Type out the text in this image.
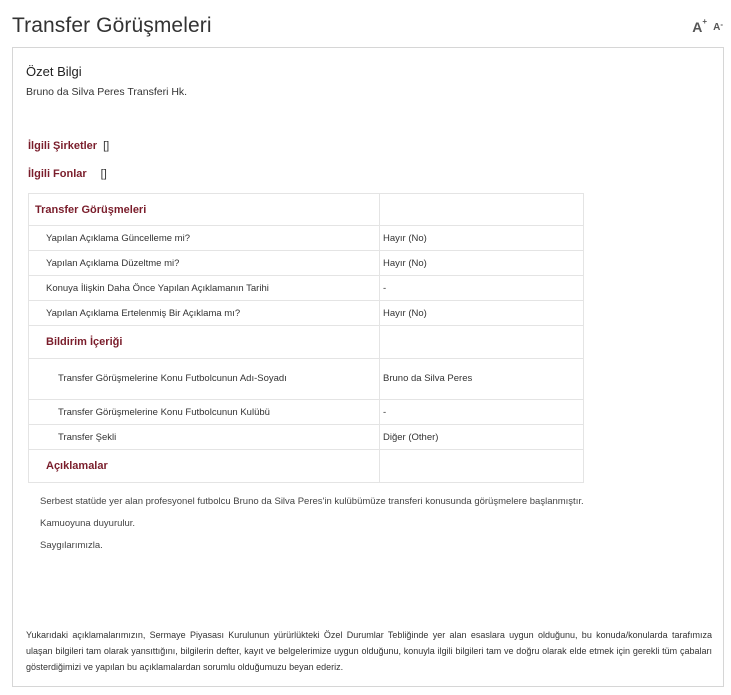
Transfer Görüşmeleri	A+
A-
Özet Bilgi
Bruno da Silva Peres Transferi Hk.
İlgili Şirketler []
İlgili Fonlar []
Transfer Görüşmeleri	
Yapılan Açıklama Güncelleme mi?	Hayır (No)
Yapılan Açıklama Düzeltme mi?	Hayır (No)
Konuya İlişkin Daha Önce Yapılan Açıklamanın Tarihi	-
Yapılan Açıklama Ertelenmiş Bir Açıklama mı?	Hayır (No)
Bildirim İçeriği	
Transfer Görüşmelerine Konu Futbolcunun Adı-Soyadı	Bruno da Silva Peres
Transfer Görüşmelerine Konu Futbolcunun Kulübü	-
Transfer Şekli	Diğer (Other)
Açıklamalar	

Serbest statüde yer alan profesyonel futbolcu Bruno da Silva Peres'in kulübümüze transferi konusunda görüşmelere başlanmıştır.

Kamuoyuna duyurulur.

Saygılarımızla.

Yukarıdaki açıklamalarımızın, Sermaye Piyasası Kurulunun yürürlükteki Özel Durumlar Tebliğinde yer alan esaslara uygun olduğunu, bu konuda/konularda tarafımıza ulaşan bilgileri tam olarak yansıttığını, bilgilerin defter, kayıt ve belgelerimize uygun olduğunu, konuyla ilgili bilgileri tam ve doğru olarak elde etmek için gerekli tüm çabaları gösterdiğimizi ve yapılan bu açıklamalardan sorumlu olduğumuzu beyan ederiz.
